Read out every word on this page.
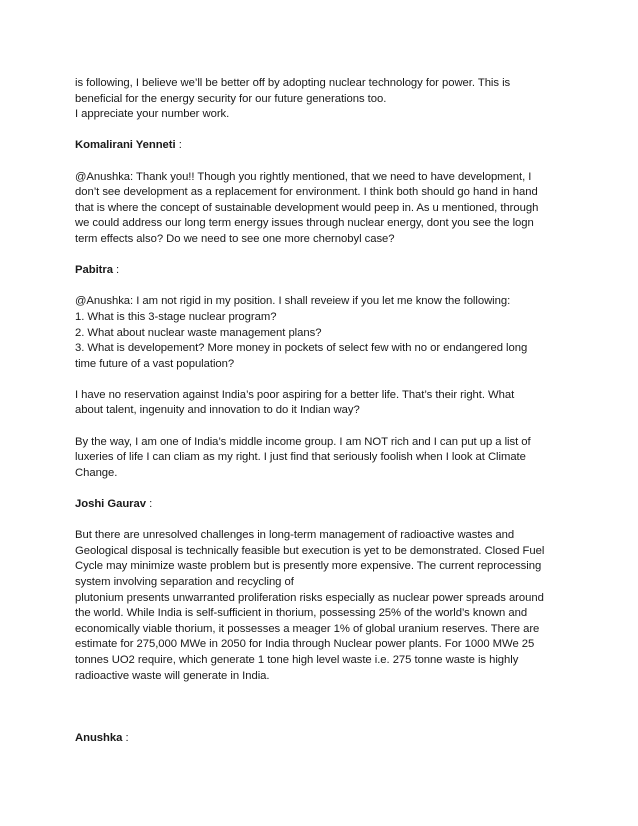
is following, I believe we’ll be better off by adopting nuclear technology for power. This is
beneficial for the energy security for our future generations too.
I appreciate your number work.
Komalirani Yenneti :
@Anushka: Thank you!! Though you rightly mentioned, that we need to have development, I
don’t see development as a replacement for environment. I think both should go hand in hand
that is where the concept of sustainable development would peep in. As u mentioned, through
we could address our long term energy issues through nuclear energy, dont you see the logn
term effects also? Do we need to see one more chernobyl case?
Pabitra :
@Anushka: I am not rigid in my position. I shall reveiew if you let me know the following:
1. What is this 3-stage nuclear program?
2. What about nuclear waste management plans?
3. What is developement? More money in pockets of select few with no or endangered long
time future of a vast population?
I have no reservation against India’s poor aspiring for a better life. That’s their right. What
about talent, ingenuity and innovation to do it Indian way?
By the way, I am one of India’s middle income group. I am NOT rich and I can put up a list of
luxeries of life I can cliam as my right. I just find that seriously foolish when I look at Climate
Change.
Joshi Gaurav :
But there are unresolved challenges in long-term management of radioactive wastes and
Geological disposal is technically feasible but execution is yet to be demonstrated. Closed Fuel
Cycle may minimize waste problem but is presently more expensive. The current reprocessing
system involving separation and recycling of
plutonium presents unwarranted proliferation risks especially as nuclear power spreads around
the world. While India is self-sufficient in thorium, possessing 25% of the world’s known and
economically viable thorium, it possesses a meager 1% of global uranium reserves. There are
estimate for 275,000 MWe in 2050 for India through Nuclear power plants. For 1000 MWe 25
tonnes UO2 require, which generate 1 tone high level waste i.e. 275 tonne waste is highly
radioactive waste will generate in India.
Anushka :
